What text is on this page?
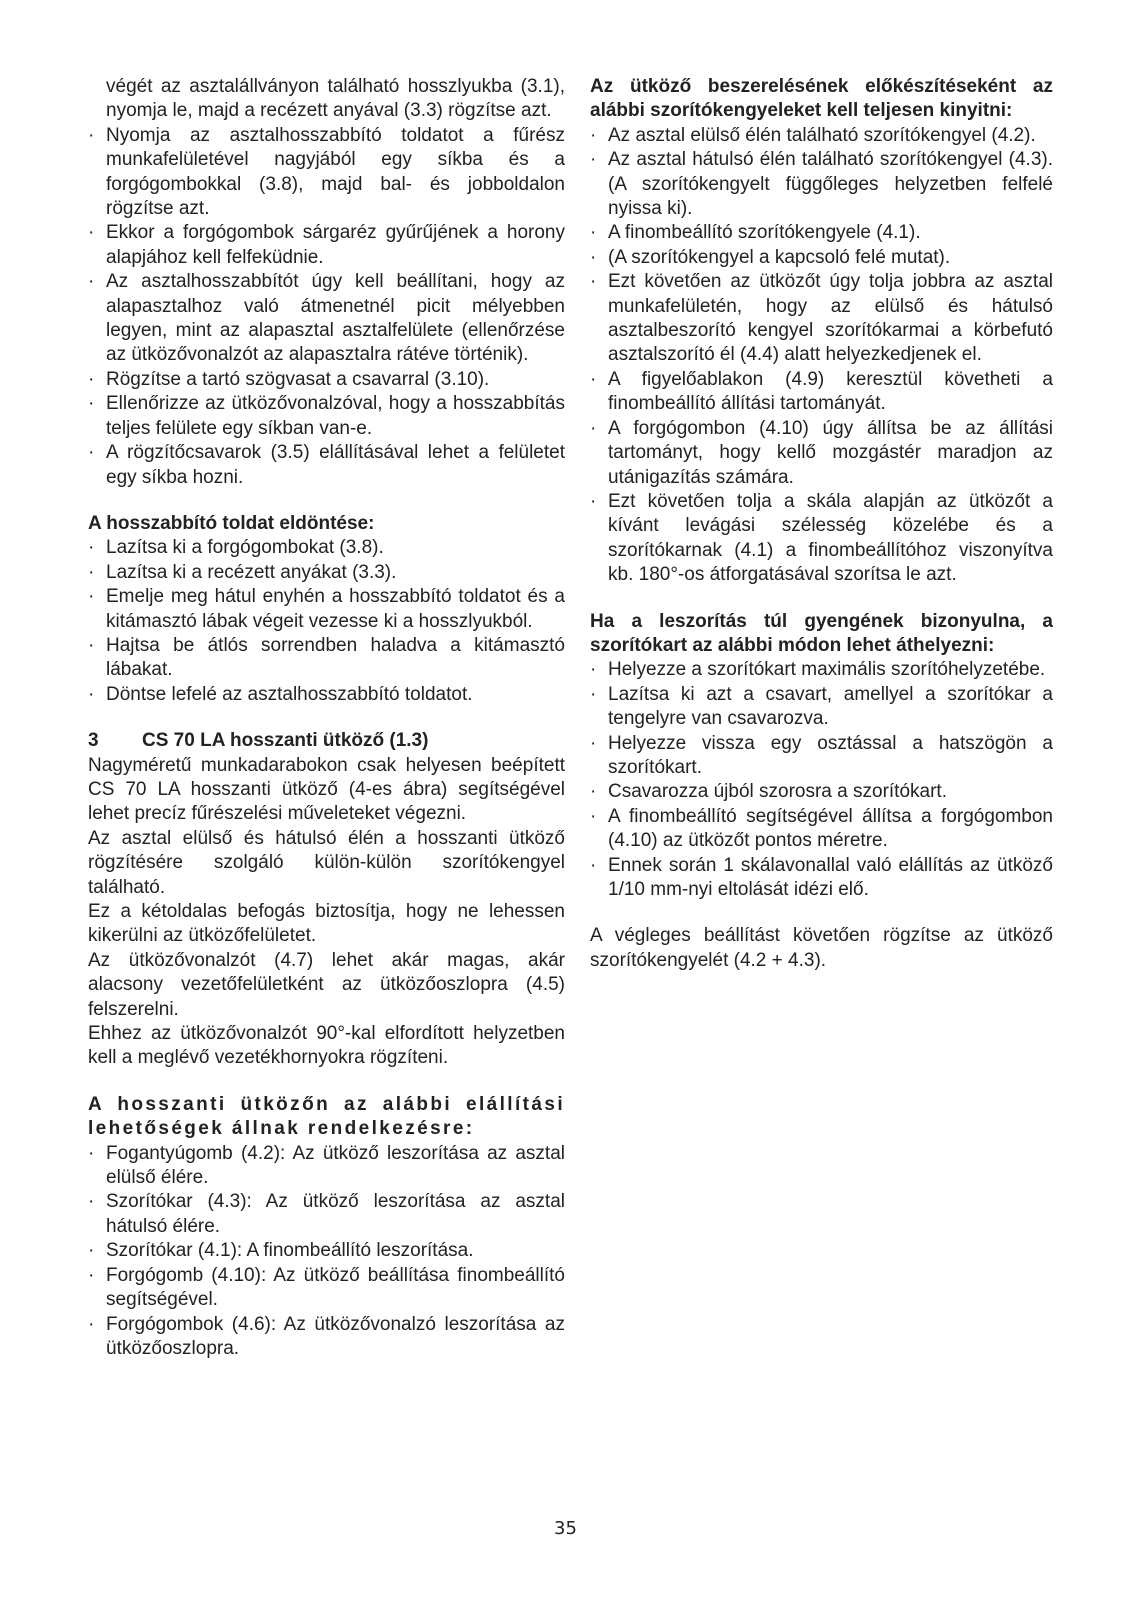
végét az asztalállványon található hosszlyukba (3.1), nyomja le, majd a recézett anyával (3.3) rögzítse azt.

· Nyomja az asztalhosszabbító toldatot a fűrész munkafelületével nagyjából egy síkba és a forgógombokkal (3.8), majd bal- és jobboldalon rögzítse azt.

· Ekkor a forgógombok sárgaréz gyűrűjének a horony alapjához kell felfeküdnie.

· Az asztalhosszabbítót úgy kell beállítani, hogy az alapasztalhoz való átmenetnél picit mélyebben legyen, mint az alapasztal asztalfelülete (ellenőrzése az ütközővonalzót az alapasztalra rátéve történik).

· Rögzítse a tartó szögvasat a csavarral (3.10).

· Ellenőrizze az ütközővonalzóval, hogy a hosszabbítás teljes felülete egy síkban van-e.

· A rögzítőcsavarok (3.5) elállításával lehet a felületet egy síkba hozni.

A hosszabbító toldat eldöntése:

· Lazítsa ki a forgógombokat (3.8).

· Lazítsa ki a recézett anyákat (3.3).

· Emelje meg hátul enyhén a hosszabbító toldatot és a kitámasztó lábak végeit vezesse ki a hosszlyukból.

· Hajtsa be átlós sorrendben haladva a kitámasztó lábakat.

· Döntse lefelé az asztalhosszabbító toldatot.

3 CS 70 LA hosszanti ütköző (1.3)

Nagyméretű munkadarabokon csak helyesen beépített CS 70 LA hosszanti ütköző (4-es ábra) segítségével lehet precíz fűrészelési műveleteket végezni.

Az asztal elülső és hátulsó élén a hosszanti ütköző rögzítésére szolgáló külön-külön szorítókengyel található.

Ez a kétoldalas befogás biztosítja, hogy ne lehessen kikerülni az ütközőfelületet.

Az ütközővonalzót (4.7) lehet akár magas, akár alacsony vezetőfelületként az ütközőoszlopra (4.5) felszerelni.

Ehhez az ütközővonalzót 90°-kal elfordított helyzetben kell a meglévő vezetékhornyokra rögzíteni.

A hosszanti ütközőn az alábbi elállítási lehetőségek állnak rendelkezésre:

· Fogantyúgomb (4.2): Az ütköző leszorítása az asztal elülső élére.

· Szorítókar (4.3): Az ütköző leszorítása az asztal hátulsó élére.

· Szorítókar (4.1): A finombeállító leszorítása.

· Forgógomb (4.10): Az ütköző beállítása finombeállító segítségével.

· Forgógombok (4.6): Az ütközővonalzó leszorítása az ütközőoszlopra.

Az ütköző beszerelésének előkészítéseként az alábbi szorítókengyeleket kell teljesen kinyitni:

· Az asztal elülső élén található szorítókengyel (4.2).

· Az asztal hátulsó élén található szorítókengyel (4.3). (A szorítókengyelt függőleges helyzetben felfelé nyissa ki).

· A finombeállító szorítókengyele (4.1).

· (A szorítókengyel a kapcsoló felé mutat).

· Ezt követően az ütközőt úgy tolja jobbra az asztal munkafelületén, hogy az elülső és hátulsó asztalbeszorító kengyel szorítókarmai a körbefutó asztalszorító él (4.4) alatt helyezkedjenek el.

· A figyelőablakon (4.9) keresztül követheti a finombeállító állítási tartományát.

· A forgógombon (4.10) úgy állítsa be az állítási tartományt, hogy kellő mozgástér maradjon az utánigazítás számára.

· Ezt követően tolja a skála alapján az ütközőt a kívánt levágási szélesség közelébe és a szorítókarnak (4.1) a finombeállítóhoz viszonyítva kb. 180°-os átforgatásával szorítsa le azt.

Ha a leszorítás túl gyengének bizonyulna, a szorítókart az alábbi módon lehet áthelyezni:

· Helyezze a szorítókart maximális szorítóhelyzetébe.

· Lazítsa ki azt a csavart, amellyel a szorítókar a tengelyre van csavarozva.

· Helyezze vissza egy osztással a hatszögön a szorítókart.

· Csavarozza újból szorosra a szorítókart.

· A finombeállító segítségével állítsa a forgógombon (4.10) az ütközőt pontos méretre.

· Ennek során 1 skálavonallal való elállítás az ütköző 1/10 mm-nyi eltolását idézi elő.

A végleges beállítást követően rögzítse az ütköző szorítókengyelét (4.2 + 4.3).

35
